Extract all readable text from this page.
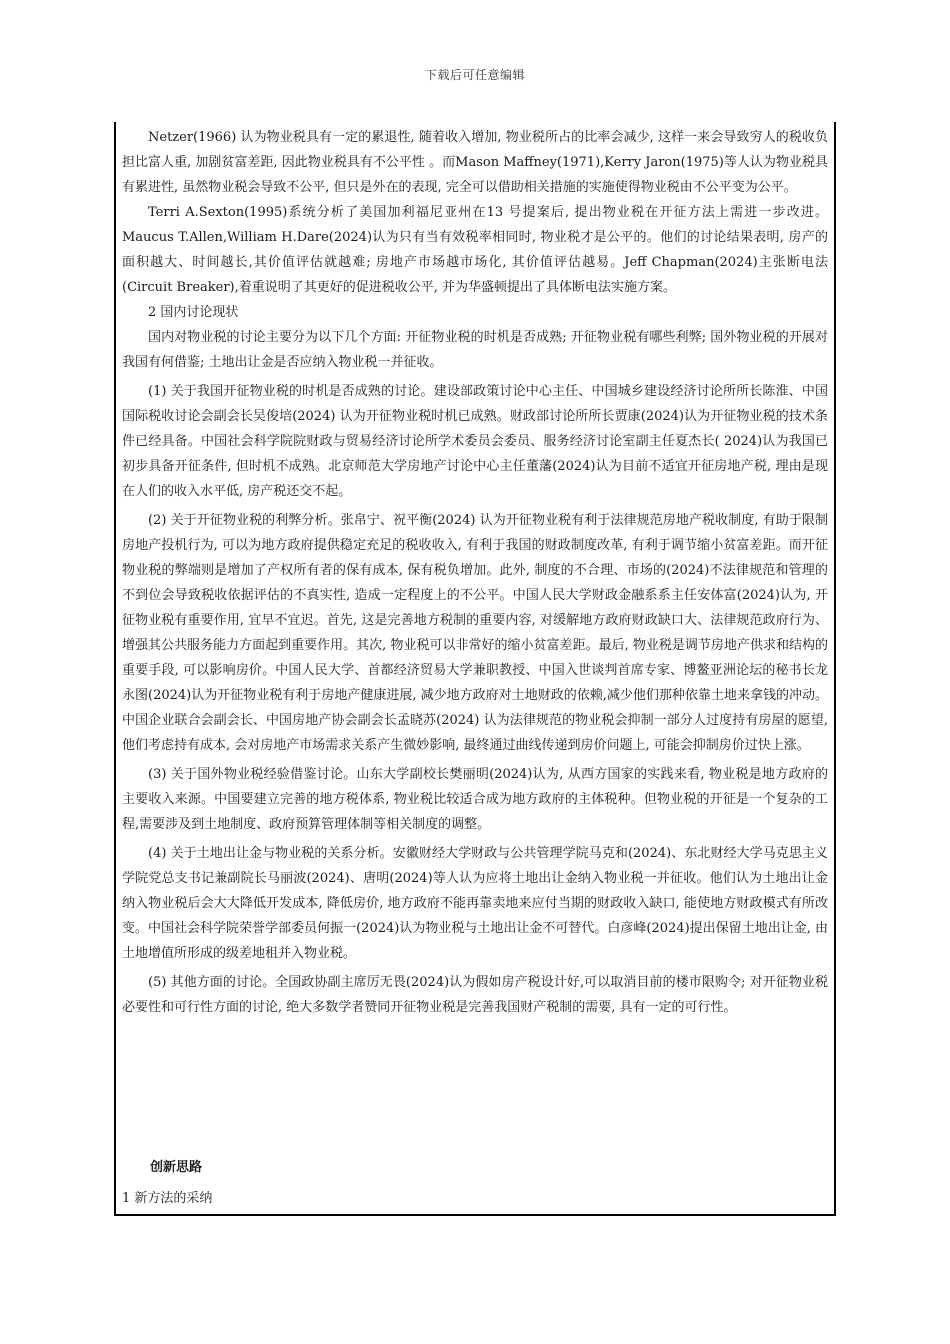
下载后可任意编辑

Netzer(1966) 认为物业税具有一定的累退性, 随着收入增加, 物业税所占的比率会减少, 这样一来会导致穷人的税收负担比富人重, 加剧贫富差距, 因此物业税具有不公平性 。而Mason Maffney(1971),Kerry Jaron(1975)等人认为物业税具有累进性, 虽然物业税会导致不公平, 但只是外在的表现, 完全可以借助相关措施的实施使得物业税由不公平变为公平。

Terri A.Sexton(1995)系统分析了美国加利福尼亚州在13 号提案后, 提出物业税在开征方法上需进一步改进。Maucus T.Allen,William H.Dare(2024)认为只有当有效税率相同时, 物业税才是公平的。他们的讨论结果表明, 房产的面积越大、时间越长,其价值评估就越难; 房地产市场越市场化, 其价值评估越易。Jeff Chapman(2024)主张断电法(Circuit Breaker),着重说明了其更好的促进税收公平, 并为华盛顿提出了具体断电法实施方案。

2 国内讨论现状

国内对物业税的讨论主要分为以下几个方面: 开征物业税的时机是否成熟; 开征物业税有哪些利弊; 国外物业税的开展对我国有何借鉴; 土地出让金是否应纳入物业税一并征收。

(1) 关于我国开征物业税的时机是否成熟的讨论。建设部政策讨论中心主任、中国城乡建设经济讨论所所长陈淮、中国国际税收讨论会副会长吴俊培(2024) 认为开征物业税时机已成熟。财政部讨论所所长贾康(2024)认为开征物业税的技术条件已经具备。中国社会科学院院财政与贸易经济讨论所学术委员会委员、服务经济讨论室副主任夏杰长( 2024)认为我国已初步具备开征条件, 但时机不成熟。北京师范大学房地产讨论中心主任董藩(2024)认为目前不适宜开征房地产税, 理由是现在人们的收入水平低, 房产税还交不起。

(2) 关于开征物业税的利弊分析。张帛宁、祝平衡(2024) 认为开征物业税有利于法律规范房地产税收制度, 有助于限制房地产投机行为, 可以为地方政府提供稳定充足的税收收入, 有利于我国的财政制度改革, 有利于调节缩小贫富差距。而开征物业税的弊端则是增加了产权所有者的保有成本, 保有税负增加。此外, 制度的不合理、市场的(2024)不法律规范和管理的不到位会导致税收依据评估的不真实性, 造成一定程度上的不公平。中国人民大学财政金融系系主任安体富(2024)认为, 开征物业税有重要作用, 宜早不宜迟。首先, 这是完善地方税制的重要内容, 对缓解地方政府财政缺口大、法律规范政府行为、增强其公共服务能力方面起到重要作用。其次, 物业税可以非常好的缩小贫富差距。最后, 物业税是调节房地产供求和结构的重要手段, 可以影响房价。中国人民大学、首都经济贸易大学兼职教授、中国入世谈判首席专家、博鳌亚洲论坛的秘书长龙永图(2024)认为开征物业税有利于房地产健康进展, 减少地方政府对土地财政的依赖,减少他们那种依靠土地来拿钱的冲动。中国企业联合会副会长、中国房地产协会副会长孟晓苏(2024) 认为法律规范的物业税会抑制一部分人过度持有房屋的愿望, 他们考虑持有成本, 会对房地产市场需求关系产生微妙影响, 最终通过曲线传递到房价问题上, 可能会抑制房价过快上涨。

(3) 关于国外物业税经验借鉴讨论。山东大学副校长樊丽明(2024)认为, 从西方国家的实践来看, 物业税是地方政府的主要收入来源。中国要建立完善的地方税体系, 物业税比较适合成为地方政府的主体税种。但物业税的开征是一个复杂的工程,需要涉及到土地制度、政府预算管理体制等相关制度的调整。

(4) 关于土地出让金与物业税的关系分析。安徽财经大学财政与公共管理学院马克和(2024)、东北财经大学马克思主义学院党总支书记兼副院长马丽波(2024)、唐明(2024)等人认为应将土地出让金纳入物业税一并征收。他们认为土地出让金纳入物业税后会大大降低开发成本, 降低房价, 地方政府不能再靠卖地来应付当期的财政收入缺口, 能使地方财政模式有所改变。中国社会科学院荣誉学部委员何振一(2024)认为物业税与土地出让金不可替代。白彦峰(2024)提出保留土地出让金, 由土地增值所形成的级差地租并入物业税。

(5) 其他方面的讨论。全国政协副主席厉无畏(2024)认为假如房产税设计好,可以取消目前的楼市限购令; 对开征物业税必要性和可行性方面的讨论, 绝大多数学者赞同开征物业税是完善我国财产税制的需要, 具有一定的可行性。

创新思路
1 新方法的采纳
